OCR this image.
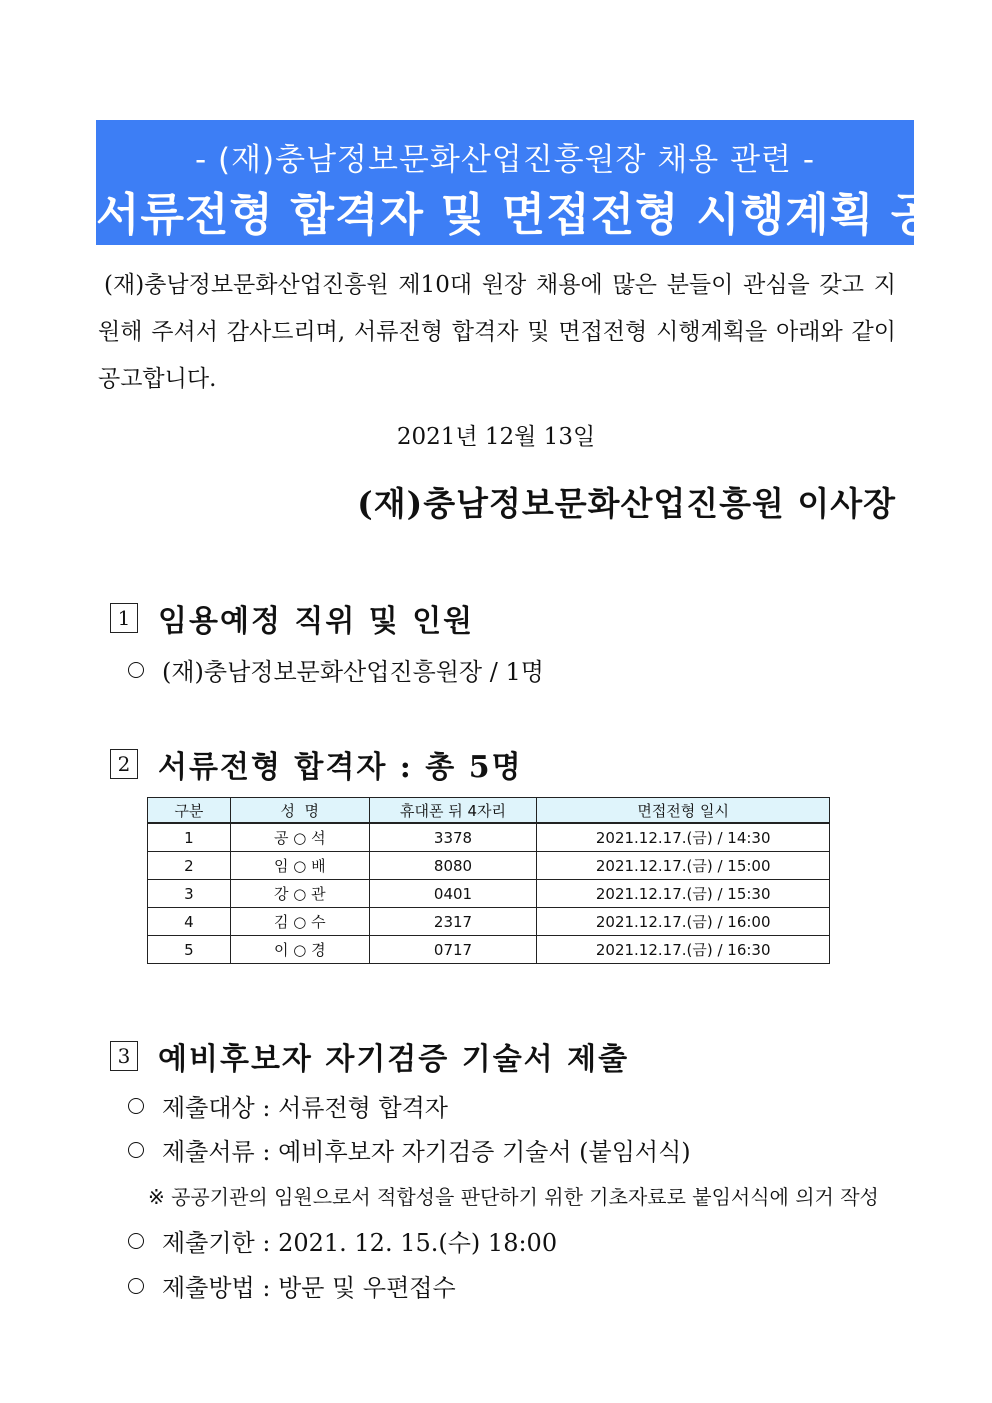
- (재)충남정보문화산업진흥원장 채용 관련 -
서류전형 합격자 및 면접전형 시행계획 공고
(재)충남정보문화산업진흥원 제10대 원장 채용에 많은 분들이 관심을 갖고 지원해 주셔서 감사드리며, 서류전형 합격자 및 면접전형 시행계획을 아래와 같이 공고합니다.
2021년 12월 13일
(재)충남정보문화산업진흥원 이사장
1 임용예정 직위 및 인원
(재)충남정보문화산업진흥원장 / 1명
2 서류전형 합격자 : 총 5명
구분	성  명	휴대폰 뒤 4자리	면접전형 일시
1	공 ○ 석	3378	2021.12.17.(금) / 14:30
2	임 ○ 배	8080	2021.12.17.(금) / 15:00
3	강 ○ 관	0401	2021.12.17.(금) / 15:30
4	김 ○ 수	2317	2021.12.17.(금) / 16:00
5	이 ○ 경	0717	2021.12.17.(금) / 16:30
3 예비후보자 자기검증 기술서 제출
제출대상 : 서류전형 합격자
제출서류 : 예비후보자 자기검증 기술서 (붙임서식)
※ 공공기관의 임원으로서 적합성을 판단하기 위한 기초자료로 붙임서식에 의거 작성
제출기한 : 2021. 12. 15.(수) 18:00
제출방법 : 방문 및 우편접수
